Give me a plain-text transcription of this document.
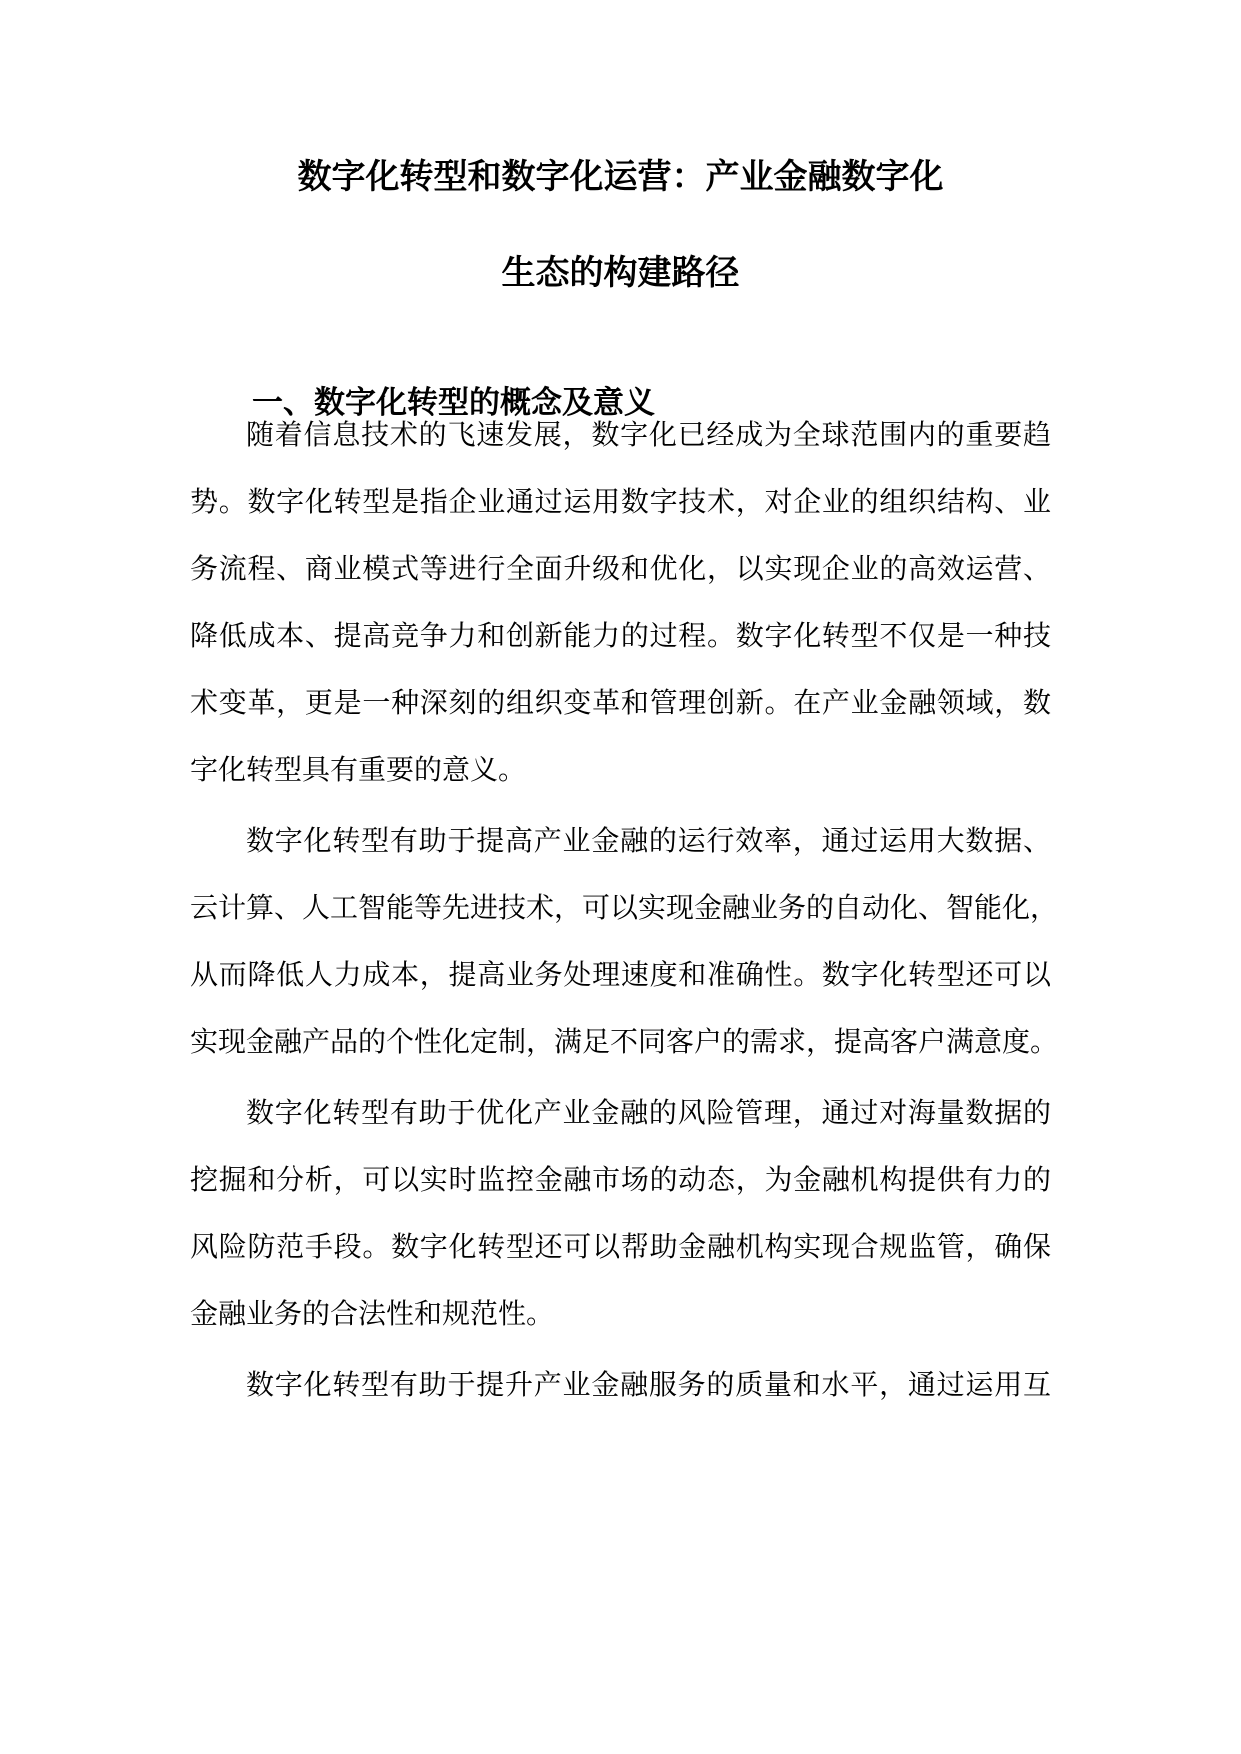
数字化转型和数字化运营：产业金融数字化
生态的构建路径
一、数字化转型的概念及意义
随着信息技术的飞速发展，数字化已经成为全球范围内的重要趋
势。数字化转型是指企业通过运用数字技术，对企业的组织结构、业
务流程、商业模式等进行全面升级和优化，以实现企业的高效运营、
降低成本、提高竞争力和创新能力的过程。数字化转型不仅是一种技
术变革，更是一种深刻的组织变革和管理创新。在产业金融领域，数
字化转型具有重要的意义。
数字化转型有助于提高产业金融的运行效率，通过运用大数据、
云计算、人工智能等先进技术，可以实现金融业务的自动化、智能化，
从而降低人力成本，提高业务处理速度和准确性。数字化转型还可以
实现金融产品的个性化定制，满足不同客户的需求，提高客户满意度。
数字化转型有助于优化产业金融的风险管理，通过对海量数据的
挖掘和分析，可以实时监控金融市场的动态，为金融机构提供有力的
风险防范手段。数字化转型还可以帮助金融机构实现合规监管，确保
金融业务的合法性和规范性。
数字化转型有助于提升产业金融服务的质量和水平，通过运用互
